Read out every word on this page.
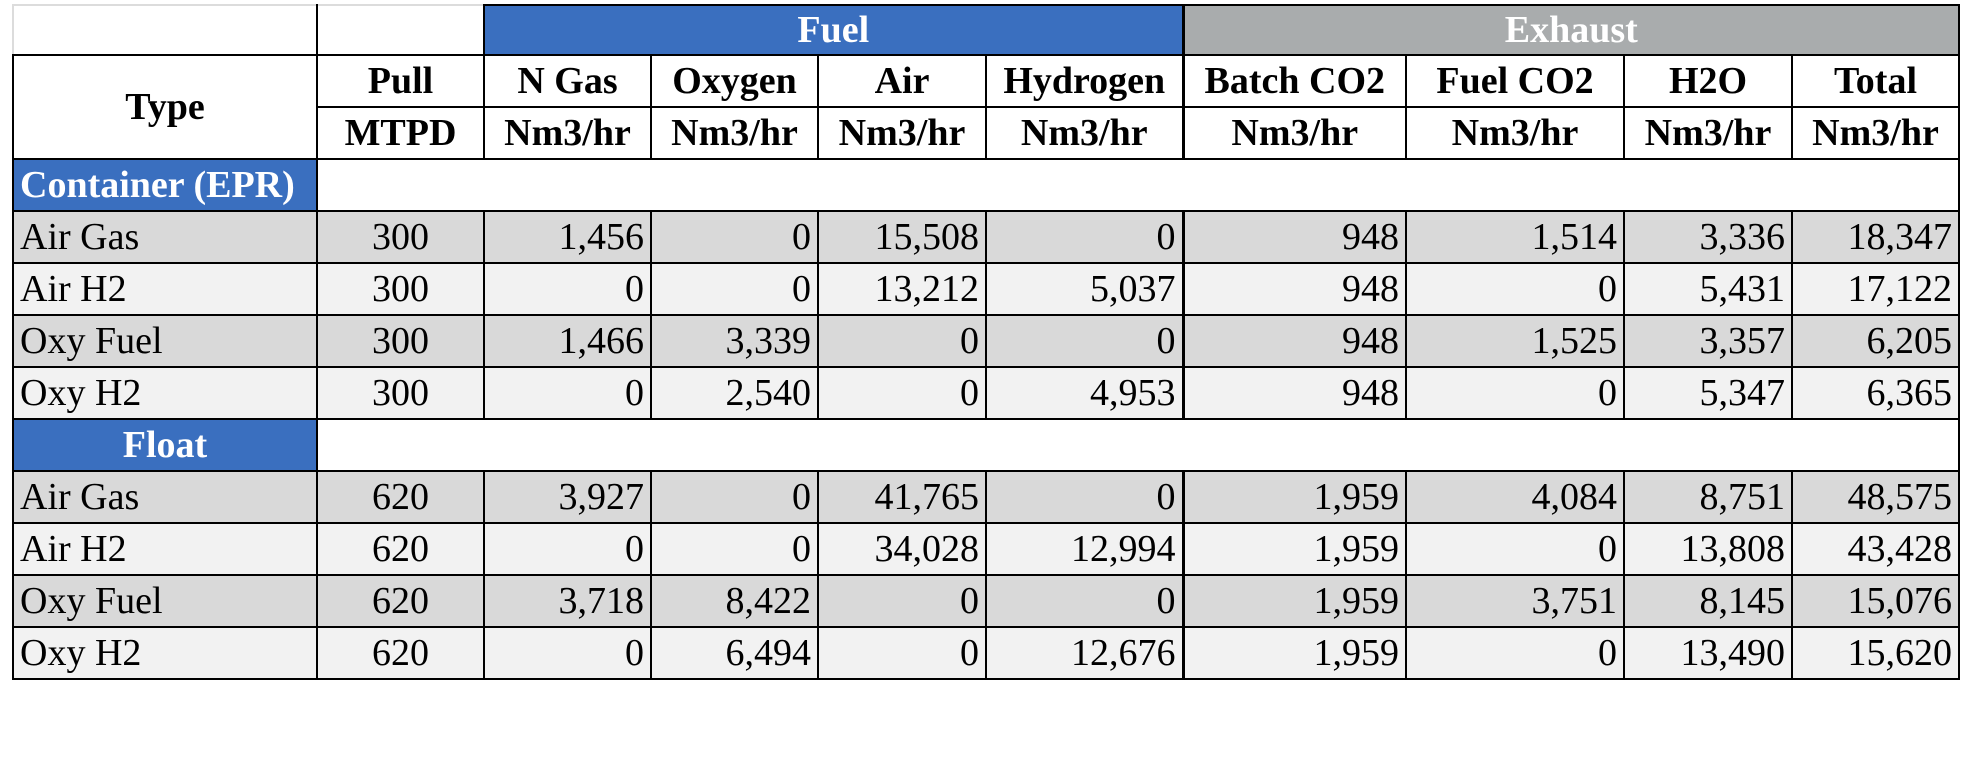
		Fuel				Exhaust			
Type	Pull	N Gas	Oxygen	Air	Hydrogen	Batch CO2	Fuel CO2	H2O	Total
	MTPD	Nm3/hr	Nm3/hr	Nm3/hr	Nm3/hr	Nm3/hr	Nm3/hr	Nm3/hr	Nm3/hr
Container (EPR)									
Air Gas	300	1,456	0	15,508	0	948	1,514	3,336	18,347
Air H2	300	0	0	13,212	5,037	948	0	5,431	17,122
Oxy Fuel	300	1,466	3,339	0	0	948	1,525	3,357	6,205
Oxy H2	300	0	2,540	0	4,953	948	0	5,347	6,365
Float									
Air Gas	620	3,927	0	41,765	0	1,959	4,084	8,751	48,575
Air H2	620	0	0	34,028	12,994	1,959	0	13,808	43,428
Oxy Fuel	620	3,718	8,422	0	0	1,959	3,751	8,145	15,076
Oxy H2	620	0	6,494	0	12,676	1,959	0	13,490	15,620
